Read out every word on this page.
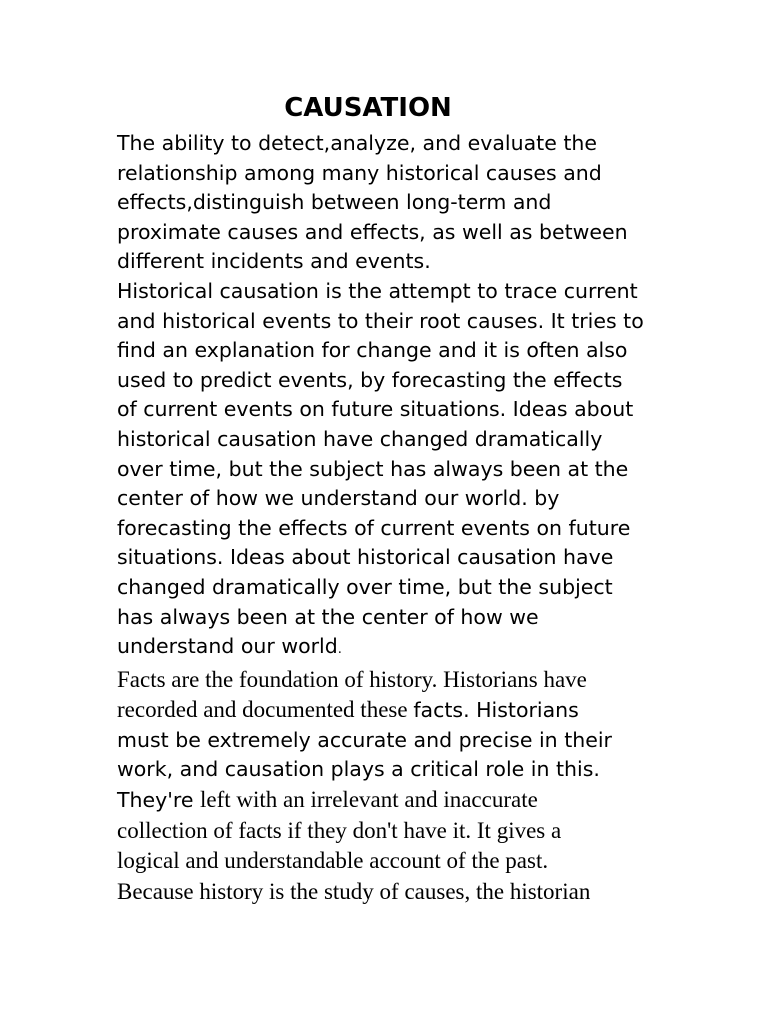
CAUSATION
The ability to detect,analyze, and evaluate the
relationship among many historical causes and
effects,distinguish between long-term and
proximate causes and effects, as well as between
different incidents and events.
Historical causation is the attempt to trace current
and historical events to their root causes. It tries to
find an explanation for change and it is often also
used to predict events, by forecasting the effects
of current events on future situations. Ideas about
historical causation have changed dramatically
over time, but the subject has always been at the
center of how we understand our world. by
forecasting the effects of current events on future
situations. Ideas about historical causation have
changed dramatically over time, but the subject
has always been at the center of how we
understand our world.
Facts are the foundation of history. Historians have
recorded and documented these facts. Historians
must be extremely accurate and precise in their
work, and causation plays a critical role in this.
They're left with an irrelevant and inaccurate
collection of facts if they don't have it. It gives a
logical and understandable account of the past.
Because history is the study of causes, the historian
